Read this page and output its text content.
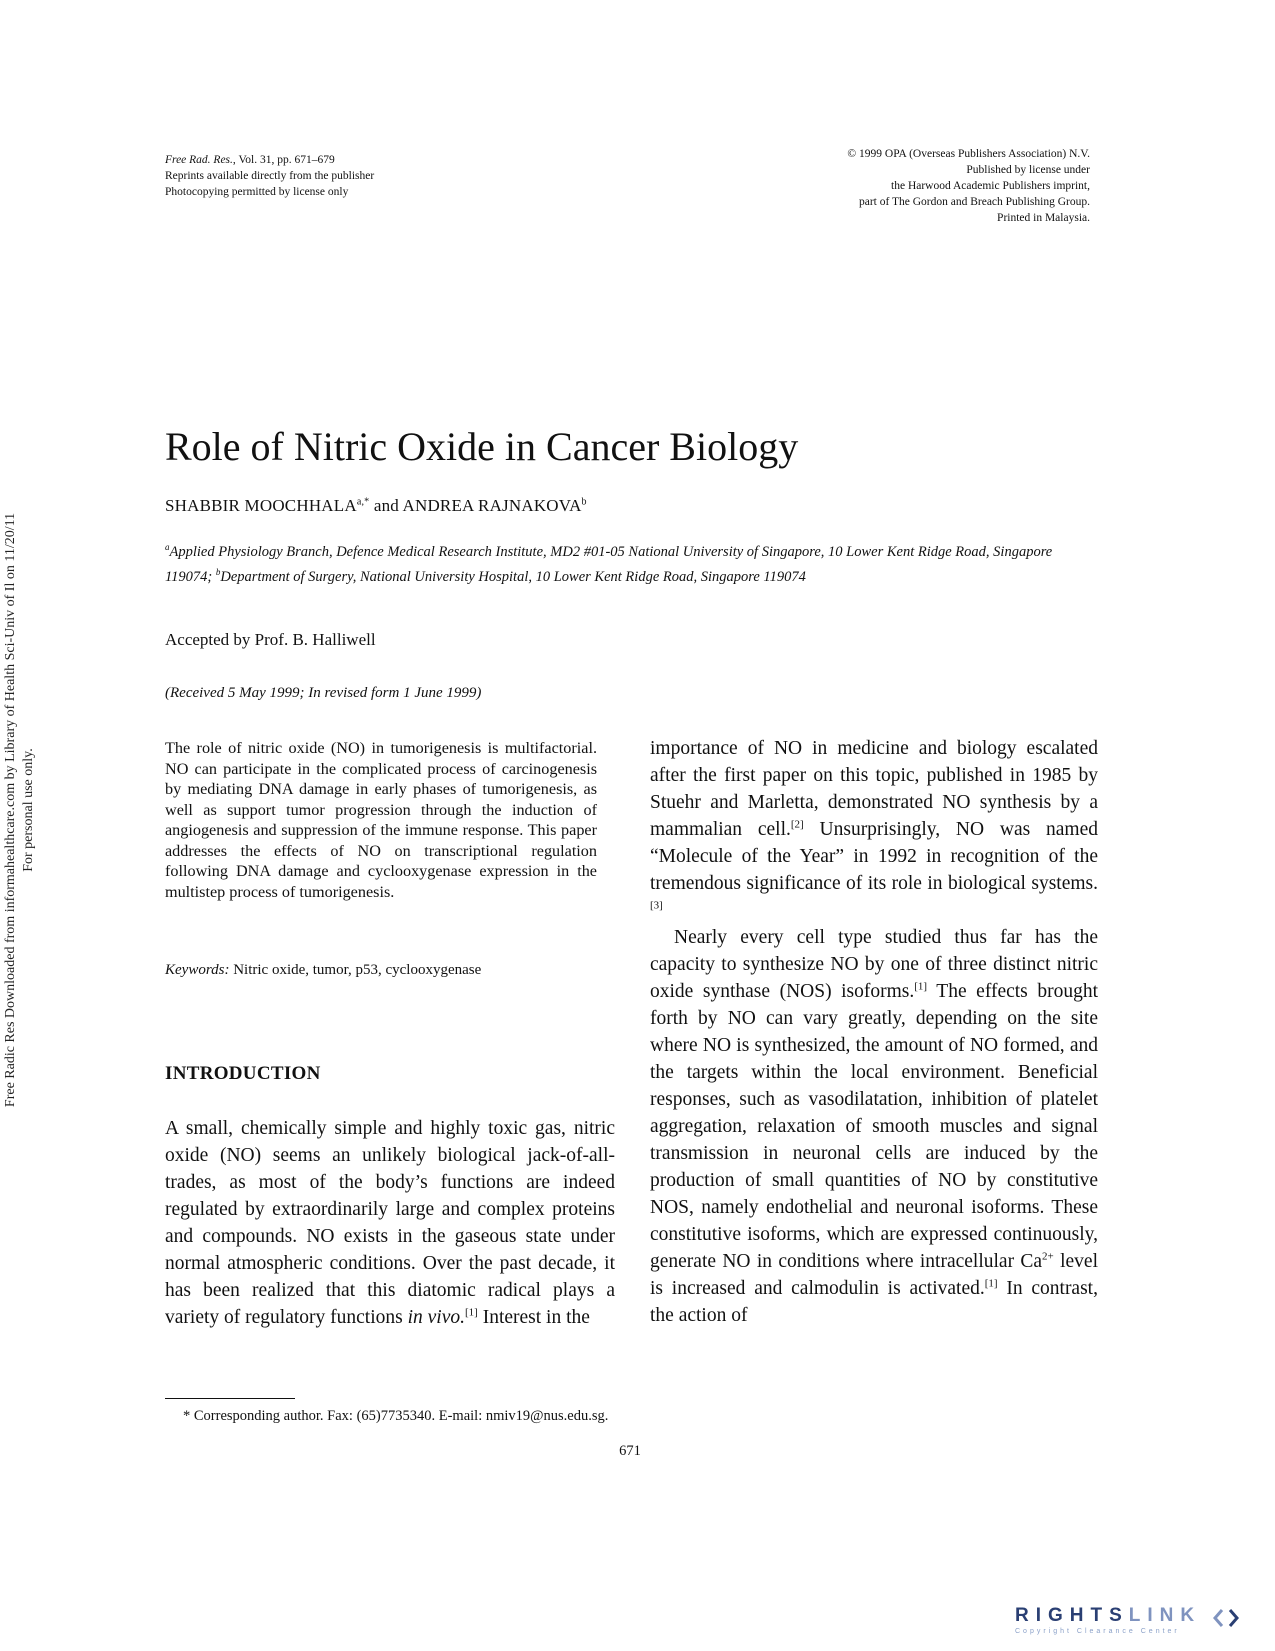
Free Rad. Res., Vol. 31, pp. 671–679
Reprints available directly from the publisher
Photocopying permitted by license only
© 1999 OPA (Overseas Publishers Association) N.V.
Published by license under
the Harwood Academic Publishers imprint,
part of The Gordon and Breach Publishing Group.
Printed in Malaysia.
Free Radic Res Downloaded from informahealthcare.com by Library of Health Sci-Univ of Il on 11/20/11 For personal use only.
Role of Nitric Oxide in Cancer Biology
SHABBIR $MOOCHHALA^{a,*}$ and ANDREA RAJNAKOVA$^b$
$^a$Applied Physiology Branch, Defence Medical Research Institute, MD2 #01-05 National University of Singapore, 10 Lower Kent Ridge Road, Singapore 119074; $^b$Department of Surgery, National University Hospital, 10 Lower Kent Ridge Road, Singapore 119074
Accepted by Prof. B. Halliwell
(Received 5 May 1999; In revised form 1 June 1999)
The role of nitric oxide (NO) in tumorigenesis is multifactorial. NO can participate in the complicated process of carcinogenesis by mediating DNA damage in early phases of tumorigenesis, as well as support tumor progression through the induction of angiogenesis and suppression of the immune response. This paper addresses the effects of NO on transcriptional regulation following DNA damage and cyclooxygenase expression in the multistep process of tumorigenesis.
Keywords: Nitric oxide, tumor, p53, cyclooxygenase
INTRODUCTION
A small, chemically simple and highly toxic gas, nitric oxide (NO) seems an unlikely biological jack-of-all-trades, as most of the body’s functions are indeed regulated by extraordinarily large and complex proteins and compounds. NO exists in the gaseous state under normal atmospheric conditions. Over the past decade, it has been realized that this diatomic radical plays a variety of regulatory functions in vivo.[1] Interest in the

importance of NO in medicine and biology escalated after the first paper on this topic, published in 1985 by Stuehr and Marletta, demonstrated NO synthesis by a mammalian cell.[2] Unsurprisingly, NO was named “Molecule of the Year” in 1992 in recognition of the tremendous significance of its role in biological systems.[3]

Nearly every cell type studied thus far has the capacity to synthesize NO by one of three distinct nitric oxide synthase (NOS) isoforms.[1] The effects brought forth by NO can vary greatly, depending on the site where NO is synthesized, the amount of NO formed, and the targets within the local environment. Beneficial responses, such as vasodilatation, inhibition of platelet aggregation, relaxation of smooth muscles and signal transmission in neuronal cells are induced by the production of small quantities of NO by constitutive NOS, namely endothelial and neuronal isoforms. These constitutive isoforms, which are expressed continuously, generate NO in conditions where intracellular Ca$^{2+}$ level is increased and calmodulin is activated.[1] In contrast, the action of

* Corresponding author. Fax: (65)7735340. E-mail: nmiv19@nus.edu.sg.
671
RIGHTSLINK
Copyright Clearance Center
